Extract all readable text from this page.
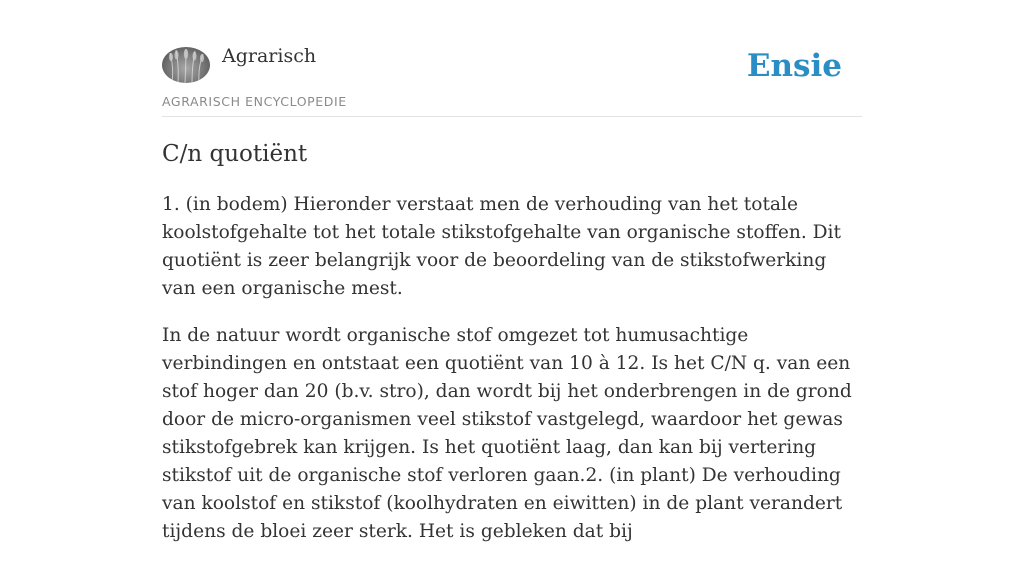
Agrarisch
AGRARISCH ENCYCLOPEDIE
Ensie
C/n quotiënt

1. (in bodem) Hieronder verstaat men de verhouding van het totale koolstofgehalte tot het totale stikstofgehalte van organische stoffen. Dit quotiënt is zeer belangrijk voor de beoordeling van de stikstofwerking van een organische mest.

In de natuur wordt organische stof omgezet tot humusachtige verbindingen en ontstaat een quotiënt van 10 à 12. Is het C/N q. van een stof hoger dan 20 (b.v. stro), dan wordt bij het onderbrengen in de grond door de micro-organismen veel stikstof vastgelegd, waardoor het gewas stikstofgebrek kan krijgen. Is het quotiënt laag, dan kan bij vertering stikstof uit de organische stof verloren gaan.2. (in plant) De verhouding van koolstof en stikstof (koolhydraten en eiwitten) in de plant verandert tijdens de bloei zeer sterk. Het is gebleken dat bij
